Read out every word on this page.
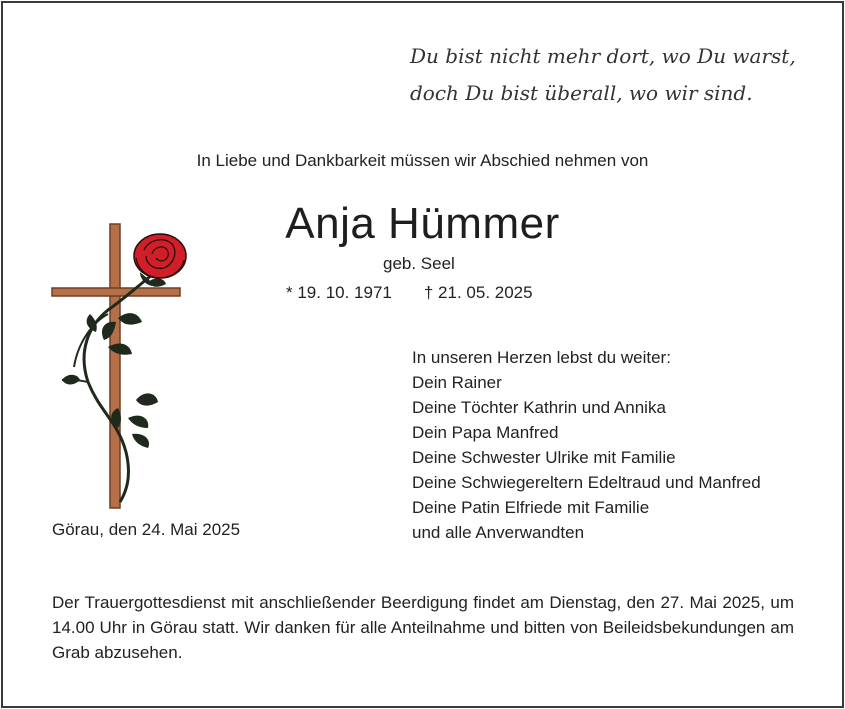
Du bist nicht mehr dort, wo Du warst,
doch Du bist überall, wo wir sind.
In Liebe und Dankbarkeit müssen wir Abschied nehmen von
Anja Hümmer
geb. Seel
* 19. 10. 1971 † 21. 05. 2025
In unseren Herzen lebst du weiter:
Dein Rainer
Deine Töchter Kathrin und Annika
Dein Papa Manfred
Deine Schwester Ulrike mit Familie
Deine Schwiegereltern Edeltraud und Manfred
Deine Patin Elfriede mit Familie
und alle Anverwandten
Görau, den 24. Mai 2025
Der Trauergottesdienst mit anschließender Beerdigung findet am Dienstag, den 27. Mai 2025, um 14.00 Uhr in Görau statt. Wir danken für alle Anteilnahme und bitten von Beileidsbekundungen am Grab abzusehen.
